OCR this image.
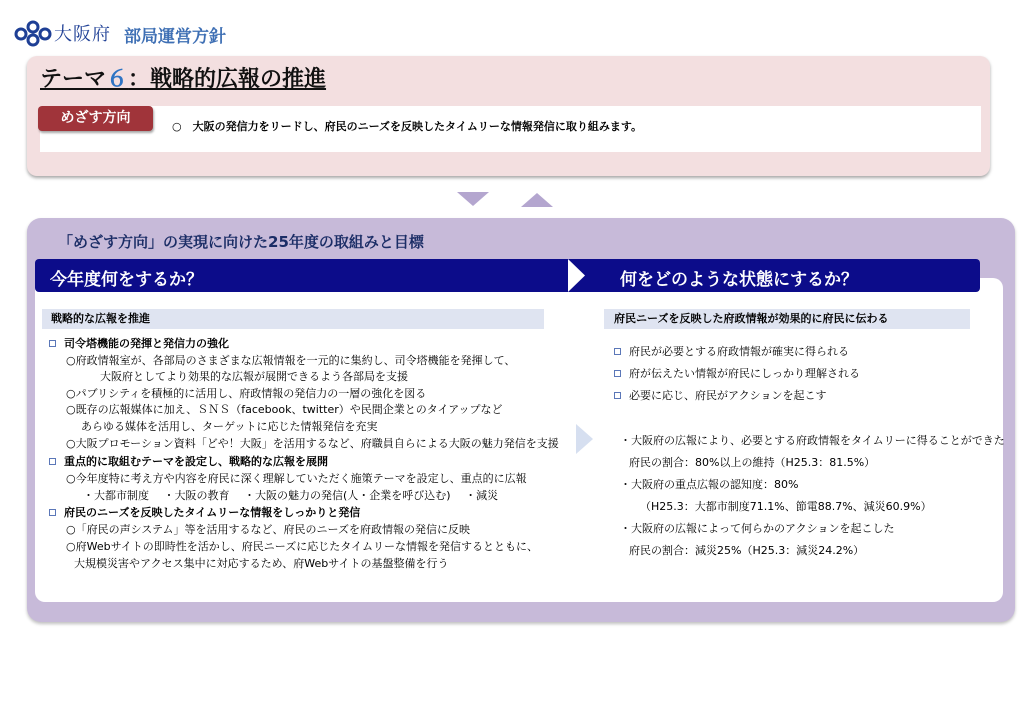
大阪府 部局運営方針
テーマ６：戦略的広報の推進
めざす方向
○　大阪の発信力をリードし、府民のニーズを反映したタイムリーな情報発信に取り組みます。
「めざす方向」の実現に向けた25年度の取組みと目標
今年度何をするか？	何をどのような状態にするか？
戦略的な広報を推進	府民ニーズを反映した府政情報が効果的に府民に伝わる
司令塔機能の発揮と発信力の強化
○府政情報室が、各部局のさまざまな広報情報を一元的に集約し、司令塔機能を発揮して、
大阪府としてより効果的な広報が展開できるよう各部局を支援
○パブリシティを積極的に活用し、府政情報の発信力の一層の強化を図る
○既存の広報媒体に加え、ＳＮＳ（facebook、twitter）や民間企業とのタイアップなど
あらゆる媒体を活用し、ターゲットに応じた情報発信を充実
○大阪プロモーション資料「どや！大阪」を活用するなど、府職員自らによる大阪の魅力発信を支援
重点的に取組むテーマを設定し、戦略的な広報を展開
○今年度特に考え方や内容を府民に深く理解していただく施策テーマを設定し、重点的に広報
・大都市制度　 ・大阪の教育　 ・大阪の魅力の発信(人・企業を呼び込む)　 ・減災
府民のニーズを反映したタイムリーな情報をしっかりと発信
○「府民の声システム」等を活用するなど、府民のニーズを府政情報の発信に反映
○府Webサイトの即時性を活かし、府民ニーズに応じたタイムリーな情報を発信するとともに、
大規模災害やアクセス集中に対応するため、府Webサイトの基盤整備を行う
府民が必要とする府政情報が確実に得られる
府が伝えたい情報が府民にしっかり理解される
必要に応じ、府民がアクションを起こす
・大阪府の広報により、必要とする府政情報をタイムリーに得ることができた
府民の割合：80%以上の維持（H25.3：81.5%）
・大阪府の重点広報の認知度：80%
（H25.3：大都市制度71.1%、節電88.7%、減災60.9%）
・大阪府の広報によって何らかのアクションを起こした
府民の割合：減災25%（H25.3：減災24.2%）
